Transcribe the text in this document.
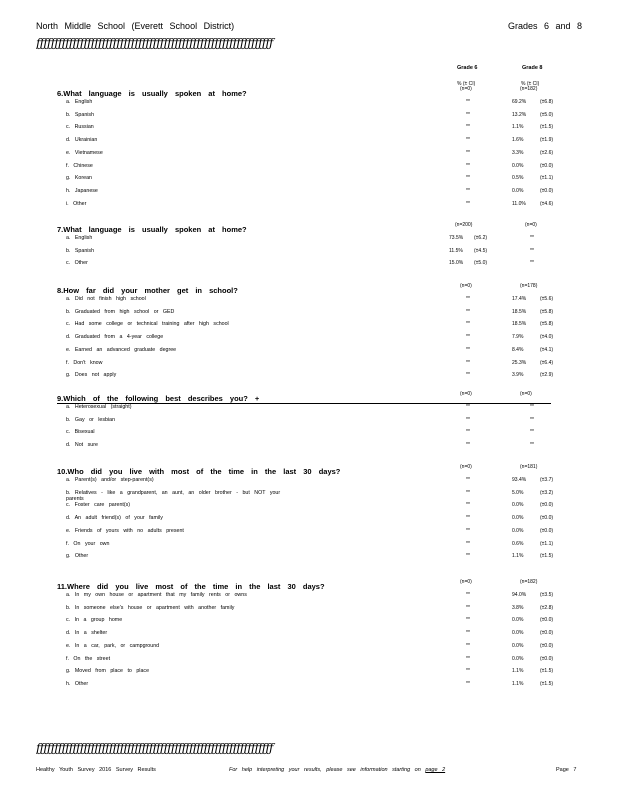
North Middle School (Everett School District)	Grades 6 and 8
ƒƒƒƒƒƒƒƒƒƒƒƒƒƒƒƒƒƒƒƒƒƒƒƒƒƒƒƒƒƒƒƒƒƒƒƒƒƒƒƒƒƒƒƒƒƒƒƒƒƒƒƒƒƒƒƒƒƒƒƒƒƒƒƒƒ
Grade 6	Grade 8
% (± CI)	% (± CI)
(n=0)	(n=182)
6.What language is usually spoken at home?
a. English	**	69.2%	(±6.8)
b. Spanish	**	13.2%	(±5.0)
c. Russian	**	1.1%	(±1.5)
d. Ukrainian	**	1.6%	(±1.9)
e. Vietnamese	**	3.3%	(±2.6)
f. Chinese	**	0.0%	(±0.0)
g. Korean	**	0.5%	(±1.1)
h. Japanese	**	0.0%	(±0.0)
i. Other	**	11.0%	(±4.6)
(n=200)	(n=0)
7.What language is usually spoken at home?
a. English	73.5% (±6.2)	**
b. Spanish	11.5% (±4.5)	**
c. Other	15.0% (±5.0)	**
(n=0)	(n=178)
8.How far did your mother get in school?
a. Did not finish high school	**	17.4%	(±5.6)
b. Graduated from high school or GED	**	18.5%	(±5.8)
c. Had some college or technical training after high school	**	18.5%	(±5.8)
d. Graduated from a 4-year college	**	7.9%	(±4.0)
e. Earned an advanced graduate degree	**	8.4%	(±4.1)
f. Don't know	**	25.3%	(±6.4)
g. Does not apply	**	3.9%	(±2.9)
(n=0)	(n=0)
9.Which of the following best describes you? +
a. Heterosexual (straight)	**	**
b. Gay or lesbian	**	**
c. Bisexual	**	**
d. Not sure	**	**
(n=0)	(n=181)
10.Who did you live with most of the time in the last 30 days?
a. Parent(s) and/or step-parent(s)	**	93.4%	(±3.7)
b. Relatives - like a grandparent, an aunt, an older brother - but NOT your
parents
**	5.0%	(±3.2)
c. Foster care parent(s)	**	0.0%	(±0.0)
d. An adult friend(s) of your family	**	0.0%	(±0.0)
e. Friends of yours with no adults present	**	0.0%	(±0.0)
f. On your own	**	0.6%	(±1.1)
g. Other	**	1.1%	(±1.5)
(n=0)	(n=182)
11.Where did you live most of the time in the last 30 days?
a. In my own house or apartment that my family rents or owns	**	94.0%	(±3.5)
b. In someone else's house or apartment with another family	**	3.8%	(±2.8)
c. In a group home	**	0.0%	(±0.0)
d. In a shelter	**	0.0%	(±0.0)
e. In a car, park, or campground	**	0.0%	(±0.0)
f. On the street	**	0.0%	(±0.0)
g. Moved from place to place	**	1.1%	(±1.5)
h. Other	**	1.1%	(±1.5)
ƒƒƒƒƒƒƒƒƒƒƒƒƒƒƒƒƒƒƒƒƒƒƒƒƒƒƒƒƒƒƒƒƒƒƒƒƒƒƒƒƒƒƒƒƒƒƒƒƒƒƒƒƒƒƒƒƒƒƒƒƒƒƒƒƒ
Healthy Youth Survey 2016 Survey Results	For help interpreting your results, please see information starting on page 2	Page 7
